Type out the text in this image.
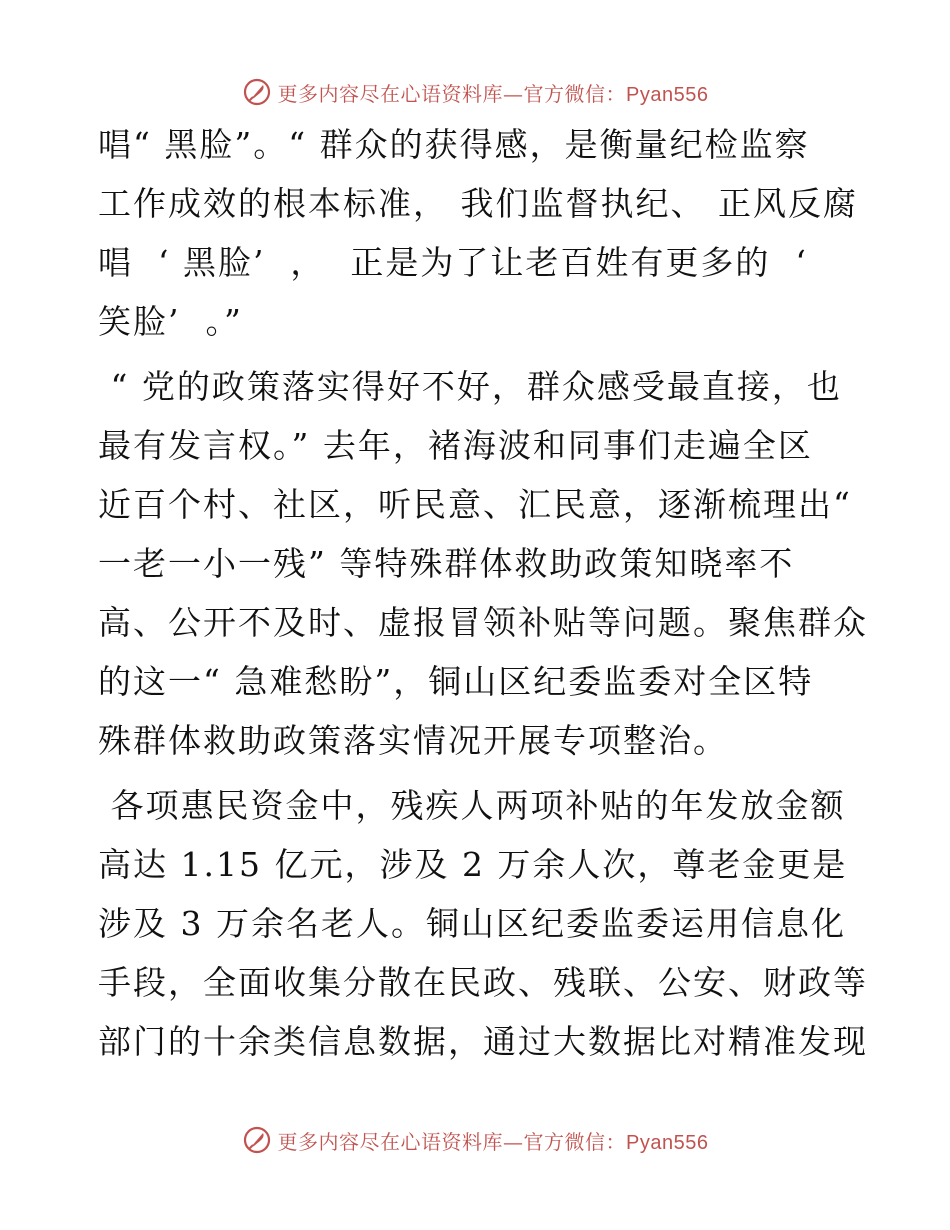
更多内容尽在心语资料库—官方微信：Pyan556
唱“ 黑脸”。“ 群众的获得感，是衡量纪检监察
工作成效的根本标准， 我们监督执纪、 正风反腐
唱  ‘ 黑脸’  ，  正是为了让老百姓有更多的  ‘
笑脸’  。”
“ 党的政策落实得好不好，群众感受最直接，也
最有发言权。” 去年，褚海波和同事们走遍全区
近百个村、社区，听民意、汇民意，逐渐梳理出“
一老一小一残” 等特殊群体救助政策知晓率不
高、公开不及时、虚报冒领补贴等问题。聚焦群众
的这一“ 急难愁盼”，铜山区纪委监委对全区特
殊群体救助政策落实情况开展专项整治。
各项惠民资金中，残疾人两项补贴的年发放金额
高达 1.15 亿元，涉及 2 万余人次，尊老金更是
涉及 3 万余名老人。铜山区纪委监委运用信息化
手段，全面收集分散在民政、残联、公安、财政等
部门的十余类信息数据，通过大数据比对精准发现
更多内容尽在心语资料库—官方微信：Pyan556
